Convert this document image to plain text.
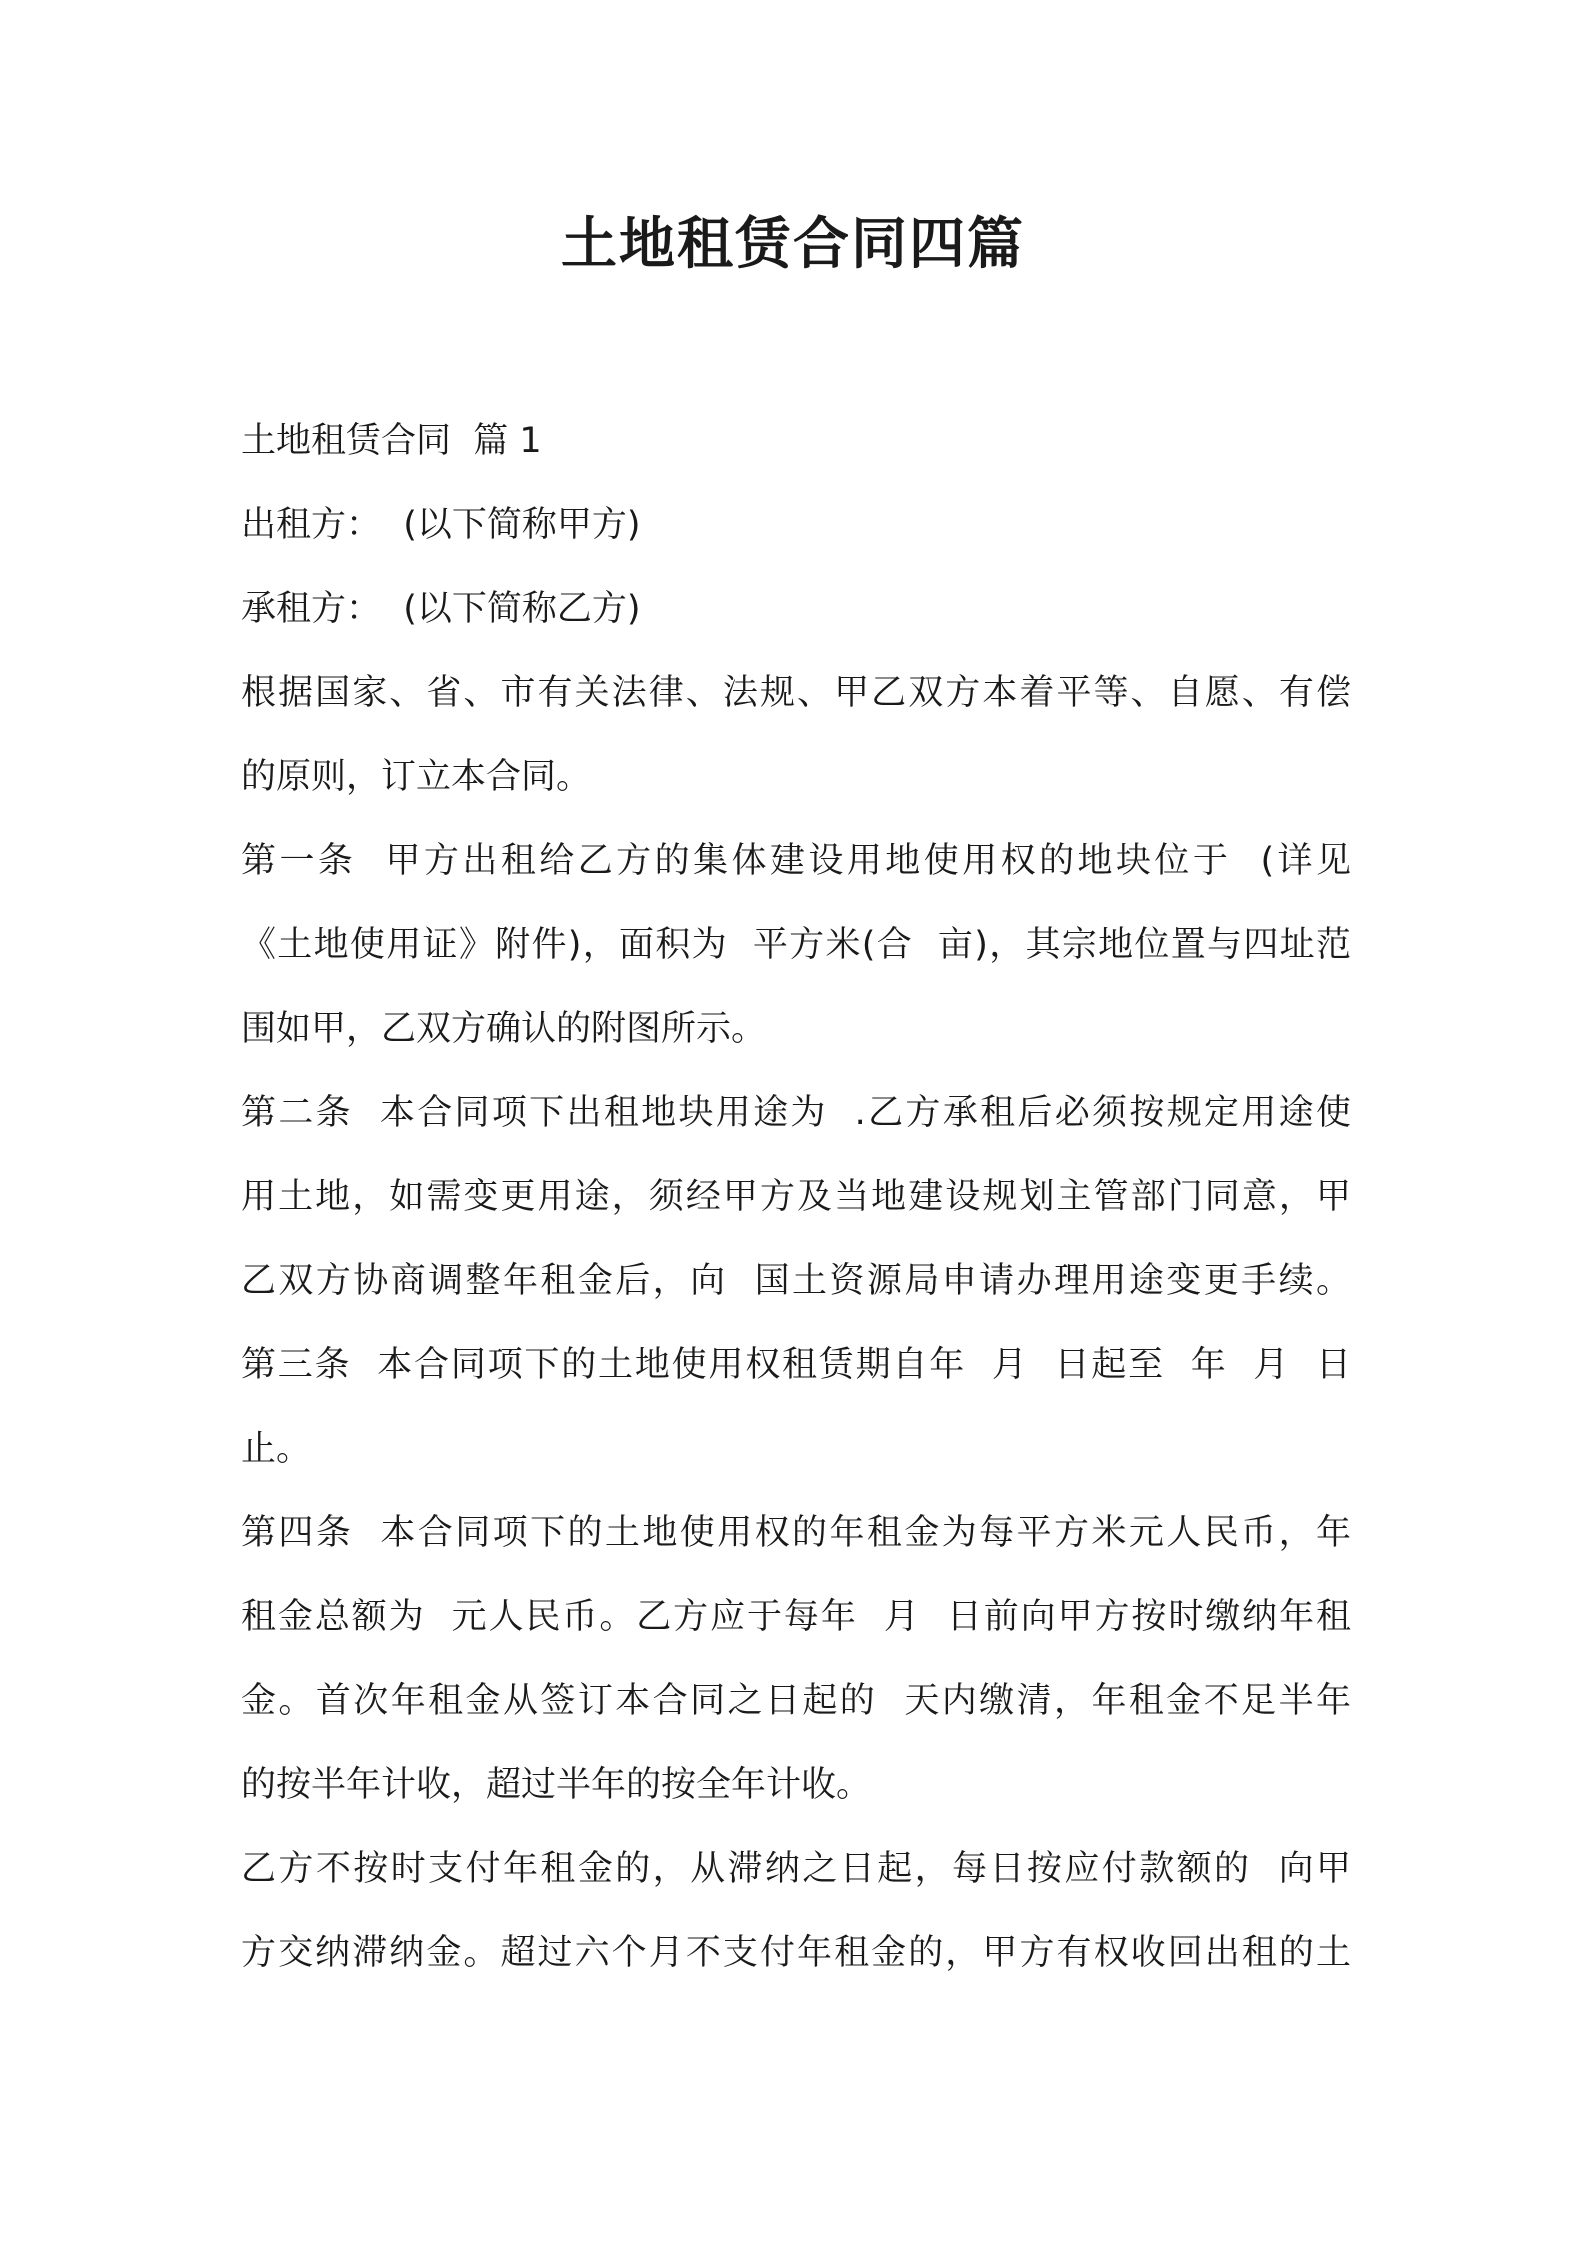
土地租赁合同四篇

土地租赁合同  篇 1

出租方：  (以下简称甲方)

承租方：  (以下简称乙方)

根据国家、省、市有关法律、法规、甲乙双方本着平等、自愿、有偿

的原则，订立本合同。

第一条  甲方出租给乙方的集体建设用地使用权的地块位于  (详见

《土地使用证》附件)，面积为  平方米(合  亩)，其宗地位置与四址范

围如甲，乙双方确认的附图所示。

第二条  本合同项下出租地块用途为  .乙方承租后必须按规定用途使

用土地，如需变更用途，须经甲方及当地建设规划主管部门同意，甲

乙双方协商调整年租金后，向  国土资源局申请办理用途变更手续。

第三条  本合同项下的土地使用权租赁期自年  月  日起至  年  月  日

止。

第四条  本合同项下的土地使用权的年租金为每平方米元人民币，年

租金总额为  元人民币。乙方应于每年  月  日前向甲方按时缴纳年租

金。首次年租金从签订本合同之日起的  天内缴清，年租金不足半年

的按半年计收，超过半年的按全年计收。

乙方不按时支付年租金的，从滞纳之日起，每日按应付款额的  向甲

方交纳滞纳金。超过六个月不支付年租金的，甲方有权收回出租的土
